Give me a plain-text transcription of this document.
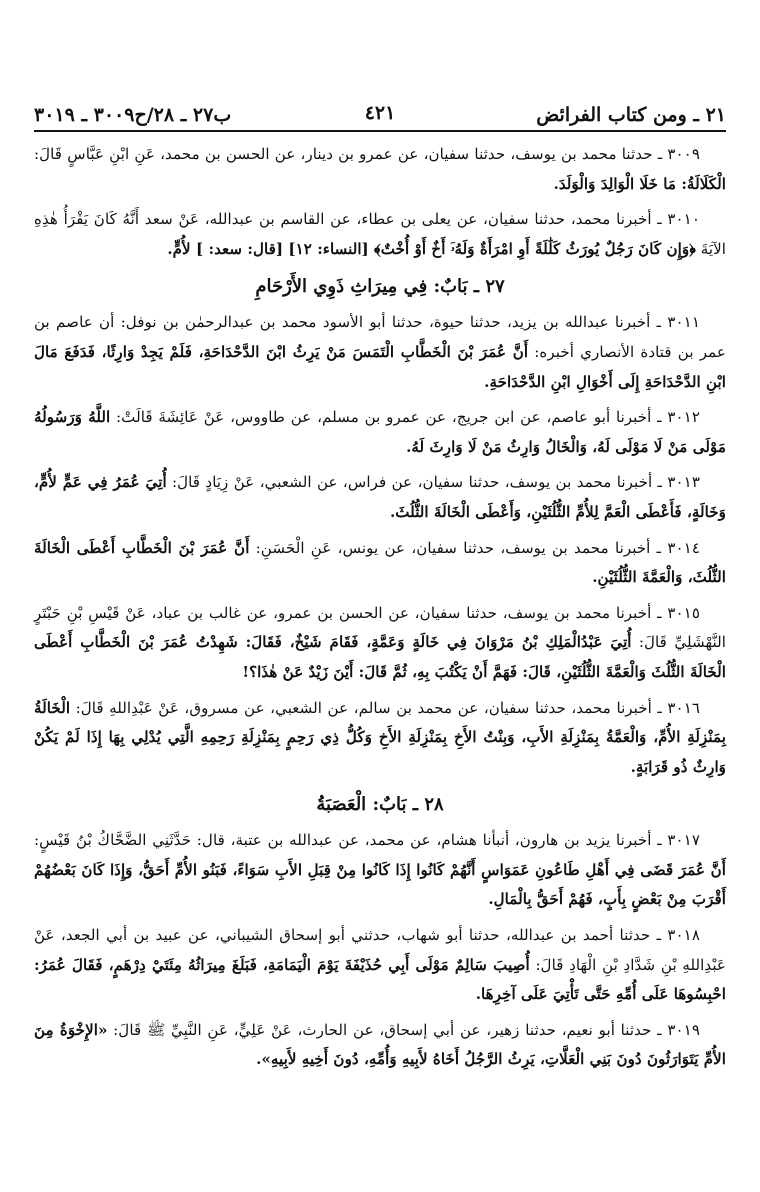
٢١ ـ ومن كتاب الفرائض
٤٢١
ب٢٧ ـ ٢٨/ح٣٠٠٩ ـ ٣٠١٩

٣٠٠٩ ـ حدثنا محمد بن يوسف، حدثنا سفيان، عن عمرو بن دينار، عن الحسن بن محمد، عَنِ ابْنِ عَبَّاسٍ قَالَ: الْكَلَالَةُ: مَا خَلَا الْوَالِدَ وَالْوَلَدَ.

٣٠١٠ ـ أخبرنا محمد، حدثنا سفيان، عن يعلى بن عطاء، عن القاسم بن عبدالله، عَنْ سعد أَنَّهُ كَانَ يَقْرَأُ هٰذِهِ الآيَةَ ﴿وَإِن كَانَ رَجُلٌ يُورَثُ كَلَٰلَةً أَوِ امْرَأَةٌ وَلَهُۥٓ أَخٌ أَوْ أُخْتٌ﴾ [النساء: ١٢] [قال: سعد: ] لأُمٍّ.

٢٧ ـ بَابٌ: فِي مِيرَاثِ ذَوِي الأَرْحَامِ

٣٠١١ ـ أخبرنا عبدالله بن يزيد، حدثنا حيوة، حدثنا أبو الأسود محمد بن عبدالرحمٰن بن نوفل: أن عاصم بن عمر بن قتادة الأنصاري أخبره: أَنَّ عُمَرَ بْنَ الْخَطَّابِ الْتَمَسَ مَنْ يَرِثُ ابْنَ الدَّحْدَاحَةِ، فَلَمْ يَجِدْ وَارِثًا، فَدَفَعَ مَالَ ابْنِ الدَّحْدَاحَةِ إِلَى أَخْوَالِ ابْنِ الدَّحْدَاحَةِ.

٣٠١٢ ـ أخبرنا أبو عاصم، عن ابن جريج، عن عمرو بن مسلم، عن طاووس، عَنْ عَائِشَةَ قَالَتْ: اللَّهُ وَرَسُولُهُ مَوْلَى مَنْ لَا مَوْلَى لَهُ، وَالْخَالُ وَارِثُ مَنْ لَا وَارِثَ لَهُ.

٣٠١٣ ـ أخبرنا محمد بن يوسف، حدثنا سفيان، عن فراس، عن الشعبي، عَنْ زِيَادٍ قَالَ: أُتِيَ عُمَرُ فِي عَمٍّ لأُمٍّ، وَخَالَةٍ، فَأَعْطَى الْعَمَّ لِلأُمِّ الثُّلُثَيْنِ، وَأَعْطَى الْخَالَةَ الثُّلُثَ.

٣٠١٤ ـ أخبرنا محمد بن يوسف، حدثنا سفيان، عن يونس، عَنِ الْحَسَنِ: أَنَّ عُمَرَ بْنَ الْخَطَّابِ أَعْطَى الْخَالَةَ الثُّلُثَ، وَالْعَمَّةَ الثُّلُثَيْنِ.

٣٠١٥ ـ أخبرنا محمد بن يوسف، حدثنا سفيان، عن الحسن بن عمرو، عن غالب بن عباد، عَنْ قَيْسِ بْنِ حَبْتَرٍ النَّهْشَلِيِّ قَالَ: أُتِيَ عَبْدُالْمَلِكِ بْنُ مَرْوَانَ فِي خَالَةٍ وَعَمَّةٍ، فَقَامَ شَيْخٌ، فَقَالَ: شَهِدْتُ عُمَرَ بْنَ الْخَطَّابِ أَعْطَى الْخَالَةَ الثُّلُثَ وَالْعَمَّةَ الثُّلُثَيْنِ، قَالَ: فَهَمَّ أَنْ يَكْتُبَ بِهِ، ثُمَّ قَالَ: أَيْنَ زَيْدٌ عَنْ هٰذَا؟!

٣٠١٦ ـ أخبرنا محمد، حدثنا سفيان، عن محمد بن سالم، عن الشعبي، عن مسروق، عَنْ عَبْدِاللهِ قَالَ: الْخَالَةُ بِمَنْزِلَةِ الأُمِّ، وَالْعَمَّةُ بِمَنْزِلَةِ الأَبِ، وَبِنْتُ الأَخِ بِمَنْزِلَةِ الأَخِ وَكُلُّ ذِي رَحِمٍ بِمَنْزِلَةِ رَحِمِهِ الَّتِي يُدْلِي بِهَا إِذَا لَمْ يَكُنْ وَارِثٌ ذُو قَرَابَةٍ.

٢٨ ـ بَابٌ: الْعَصَبَةُ

٣٠١٧ ـ أخبرنا يزيد بن هارون، أنبأنا هشام، عن محمد، عن عبدالله بن عتبة، قال: حَدَّثَنِي الضَّحَّاكُ بْنُ قَيْسٍ: أَنَّ عُمَرَ قَضَى فِي أَهْلِ طَاعُونِ عَمَوَاسٍ أَنَّهُمْ كَانُوا إِذَا كَانُوا مِنْ قِبَلِ الأَبِ سَوَاءً، فَبَنُو الأُمِّ أَحَقُّ، وَإِذَا كَانَ بَعْضُهُمْ أَقْرَبَ مِنْ بَعْضٍ بِأَبٍ، فَهُمْ أَحَقُّ بِالْمَالِ.

٣٠١٨ ـ حدثنا أحمد بن عبدالله، حدثنا أبو شهاب، حدثني أبو إسحاق الشيباني، عن عبيد بن أبي الجعد، عَنْ عَبْدِاللهِ بْنِ شَدَّادِ بْنِ الْهَادِ قَالَ: أُصِيبَ سَالِمٌ مَوْلَى أَبِي حُذَيْفَةَ يَوْمَ الْيَمَامَةِ، فَبَلَغَ مِيرَاثُهُ مِئَتَيْ دِرْهَمٍ، فَقَالَ عُمَرُ: احْبِسُوهَا عَلَى أُمِّهِ حَتَّى تَأْتِيَ عَلَى آخِرِهَا.

٣٠١٩ ـ حدثنا أبو نعيم، حدثنا زهير، عن أبي إسحاق، عن الحارث، عَنْ عَلِيٍّ، عَنِ النَّبِيِّ ﷺ قَالَ: «الإِخْوَةُ مِنَ الأُمِّ يَتَوَارَثُونَ دُونَ بَنِي الْعَلَّاتِ، يَرِثُ الرَّجُلُ أَخَاهُ لأَبِيهِ وَأُمِّهِ، دُونَ أَخِيهِ لأَبِيهِ».
